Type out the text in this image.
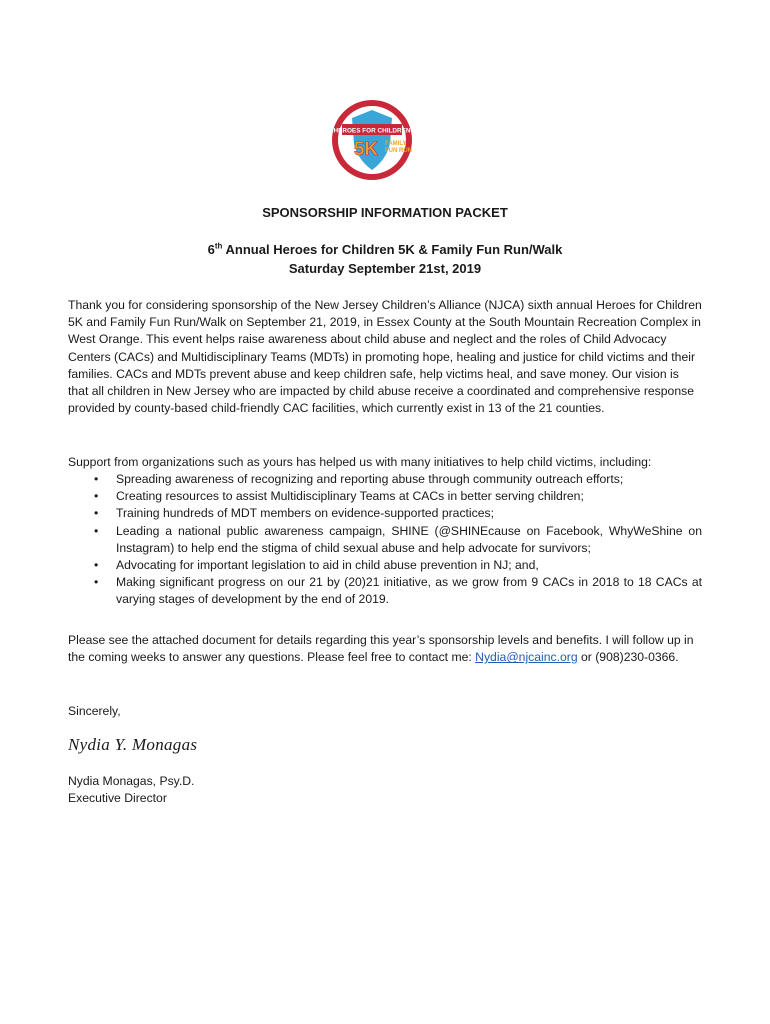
HEROES FOR CHILDREN
5K FAMILY
FUN RUN
SPONSORSHIP INFORMATION PACKET
6th Annual Heroes for Children 5K & Family Fun Run/Walk
Saturday September 21st, 2019

Thank you for considering sponsorship of the New Jersey Children’s Alliance (NJCA) sixth annual Heroes for Children 5K and Family Fun Run/Walk on September 21, 2019, in Essex County at the South Mountain Recreation Complex in West Orange. This event helps raise awareness about child abuse and neglect and the roles of Child Advocacy Centers (CACs) and Multidisciplinary Teams (MDTs) in promoting hope, healing and justice for child victims and their families. CACs and MDTs prevent abuse and keep children safe, help victims heal, and save money. Our vision is that all children in New Jersey who are impacted by child abuse receive a coordinated and comprehensive response provided by county-based child-friendly CAC facilities, which currently exist in 13 of the 21 counties.

Support from organizations such as yours has helped us with many initiatives to help child victims, including:

• Spreading awareness of recognizing and reporting abuse through community outreach efforts;
• Creating resources to assist Multidisciplinary Teams at CACs in better serving children;
• Training hundreds of MDT members on evidence-supported practices;
• Leading a national public awareness campaign, SHINE (@SHINEcause on Facebook, WhyWeShine on Instagram) to help end the stigma of child sexual abuse and help advocate for survivors;
• Advocating for important legislation to aid in child abuse prevention in NJ; and,
• Making significant progress on our 21 by (20)21 initiative, as we grow from 9 CACs in 2018 to 18 CACs at varying stages of development by the end of 2019.

Please see the attached document for details regarding this year’s sponsorship levels and benefits. I will follow up in the coming weeks to answer any questions. Please feel free to contact me: Nydia@njcainc.org or (908)230-0366.

Sincerely,

Nydia Y. Monagas

Nydia Monagas, Psy.D.

Executive Director
